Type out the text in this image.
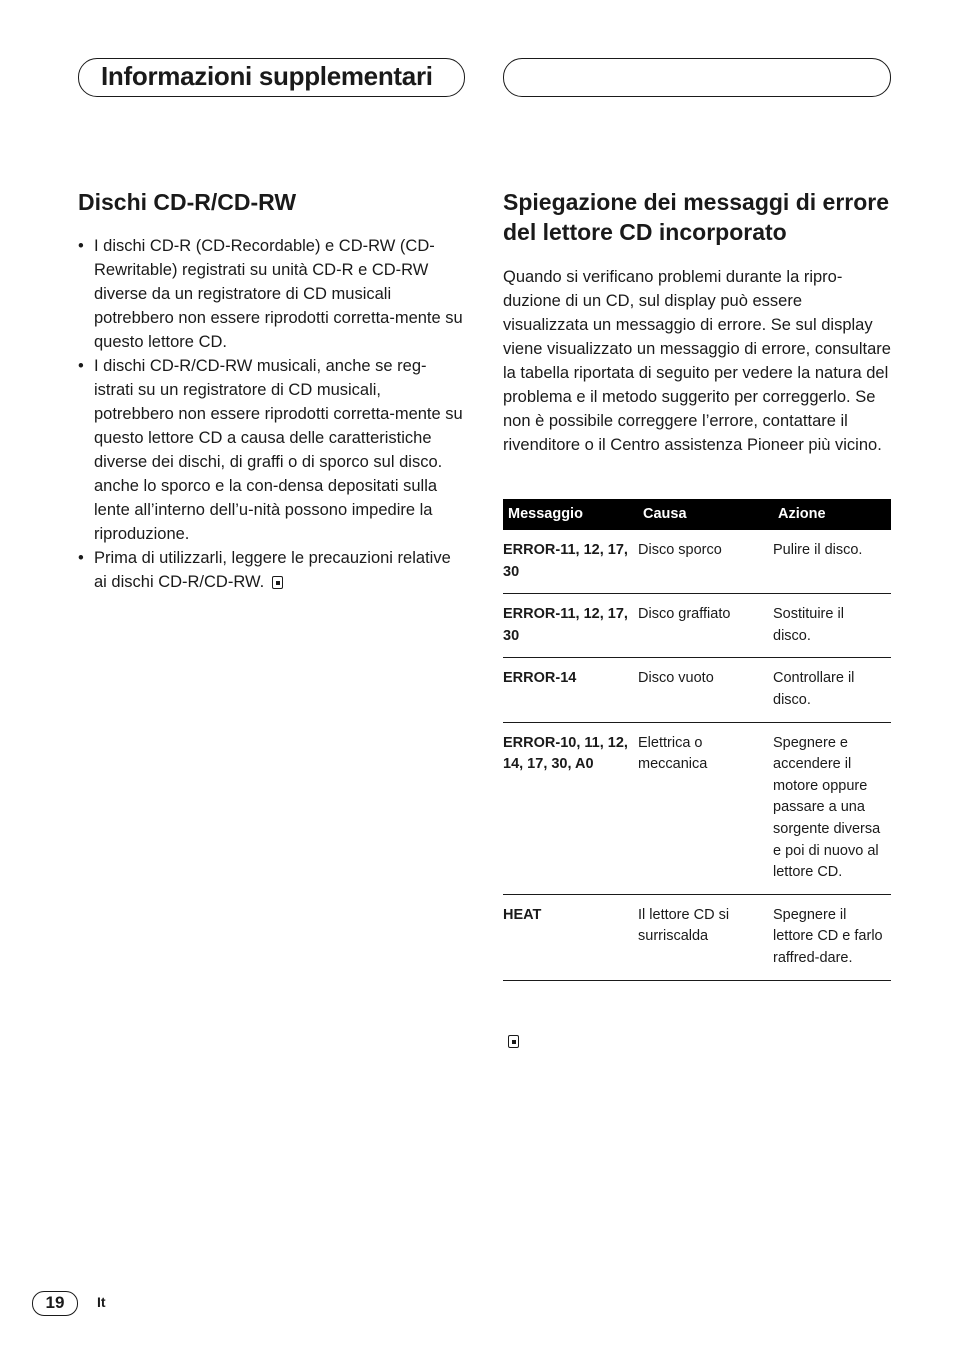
Informazioni supplementari
Dischi CD-R/CD-RW
• I dischi CD-R (CD-Recordable) e CD-RW (CD-Rewritable) registrati su unità CD-R e CD-RW diverse da un registratore di CD musicali potrebbero non essere riprodotti corretta-mente su questo lettore CD.
• I dischi CD-R/CD-RW musicali, anche se reg-istrati su un registratore di CD musicali, potrebbero non essere riprodotti corretta-mente su questo lettore CD a causa delle caratteristiche diverse dei dischi, di graffi o di sporco sul disco. anche lo sporco e la con-densa depositati sulla lente all’interno dell’u-nità possono impedire la riproduzione.
• Prima di utilizzarli, leggere le precauzioni relative ai dischi CD-R/CD-RW.
Spiegazione dei messaggi di errore del lettore CD incorporato

Quando si verificano problemi durante la ripro-duzione di un CD, sul display può essere visualizzata un messaggio di errore. Se sul display viene visualizzato un messaggio di errore, consultare la tabella riportata di seguito per vedere la natura del problema e il metodo suggerito per correggerlo. Se non è possibile correggere l’errore, contattare il rivenditore o il Centro assistenza Pioneer più vicino.

Messaggio	Causa	Azione
ERROR-11, 12, 17, 30	Disco sporco	Pulire il disco.
ERROR-11, 12, 17, 30	Disco graffiato	Sostituire il disco.
ERROR-14	Disco vuoto	Controllare il disco.
ERROR-10, 11, 12, 14, 17, 30, A0	Elettrica o meccanica	Spegnere e accendere il motore oppure passare a una sorgente diversa e poi di nuovo al lettore CD.
HEAT	Il lettore CD si surriscalda	Spegnere il lettore CD e farlo raffred-dare.
19	It
